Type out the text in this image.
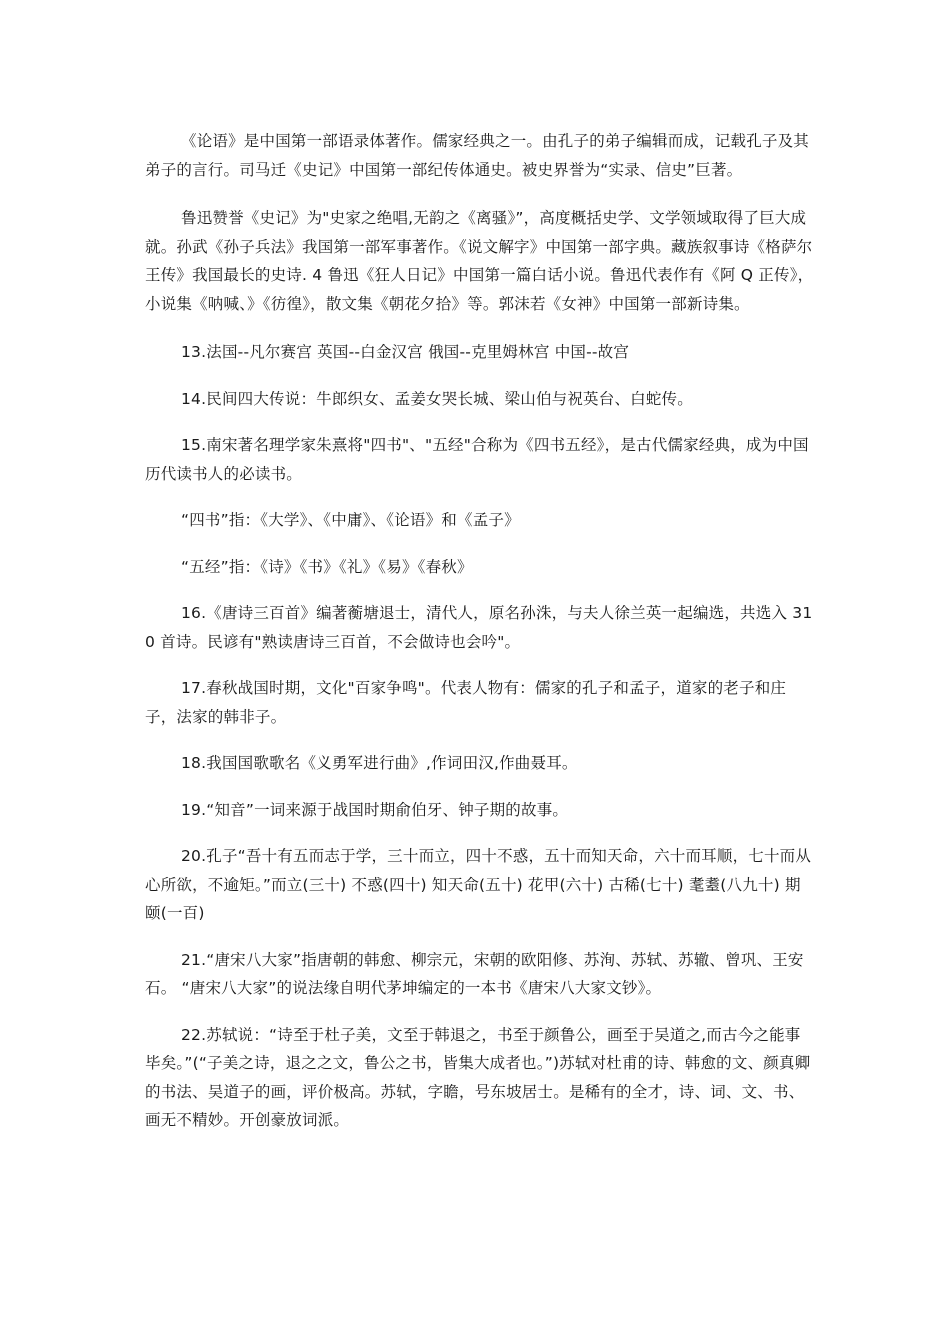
《论语》是中国第一部语录体著作。儒家经典之一。由孔子的弟子编辑而成，记载孔子及其弟子的言行。司马迁《史记》中国第一部纪传体通史。被史界誉为“实录、信史”巨著。

鲁迅赞誉《史记》为"史家之绝唱,无韵之《离骚》”，高度概括史学、文学领域取得了巨大成就。孙武《孙子兵法》我国第一部军事著作。《说文解字》中国第一部字典。藏族叙事诗《格萨尔王传》我国最长的史诗. 4 鲁迅《狂人日记》中国第一篇白话小说。鲁迅代表作有《阿 Q 正传》，小说集《呐喊、》《彷徨》，散文集《朝花夕拾》等。郭沫若《女神》中国第一部新诗集。

13.法国--凡尔赛宫 英国--白金汉宫 俄国--克里姆林宫 中国--故宫

14.民间四大传说：牛郎织女、孟姜女哭长城、梁山伯与祝英台、白蛇传。

15.南宋著名理学家朱熹将"四书"、"五经"合称为《四书五经》，是古代儒家经典，成为中国历代读书人的必读书。

“四书”指：《大学》、《中庸》、《论语》和《孟子》

“五经”指：《诗》《书》《礼》《易》《春秋》

16.《唐诗三百首》编著蘅塘退士，清代人，原名孙洙，与夫人徐兰英一起编选，共选入 310 首诗。民谚有"熟读唐诗三百首，不会做诗也会吟"。

17.春秋战国时期，文化"百家争鸣"。代表人物有：儒家的孔子和孟子，道家的老子和庄子，法家的韩非子。

18.我国国歌歌名《义勇军进行曲》,作词田汉,作曲聂耳。

19.“知音”一词来源于战国时期俞伯牙、钟子期的故事。

20.孔子“吾十有五而志于学，三十而立，四十不惑，五十而知天命，六十而耳顺，七十而从心所欲，不逾矩。”而立(三十) 不惑(四十) 知天命(五十) 花甲(六十) 古稀(七十) 耄耋(八九十) 期颐(一百)

21.“唐宋八大家”指唐朝的韩愈、柳宗元，宋朝的欧阳修、苏洵、苏轼、苏辙、曾巩、王安石。 “唐宋八大家”的说法缘自明代茅坤编定的一本书《唐宋八大家文钞》。

22.苏轼说：“诗至于杜子美，文至于韩退之，书至于颜鲁公，画至于吴道之,而古今之能事毕矣。”(“子美之诗，退之之文，鲁公之书，皆集大成者也。”)苏轼对杜甫的诗、韩愈的文、颜真卿的书法、吴道子的画，评价极高。苏轼，字瞻，号东坡居士。是稀有的全才，诗、词、文、书、画无不精妙。开创豪放词派。
